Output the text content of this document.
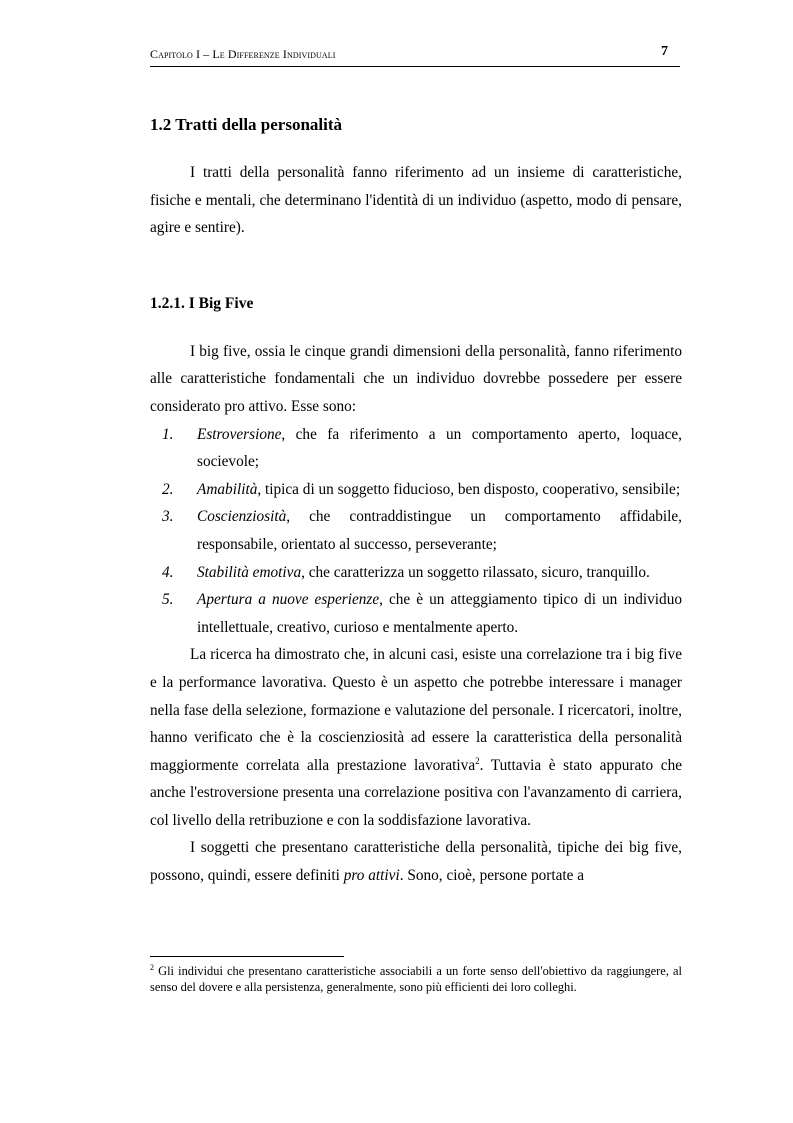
Capitolo I – Le Differenze Individuali	7
1.2 Tratti della personalità

I tratti della personalità fanno riferimento ad un insieme di caratteristiche, fisiche e mentali, che determinano l'identità di un individuo (aspetto, modo di pensare, agire e sentire).

1.2.1. I Big Five

I big five, ossia le cinque grandi dimensioni della personalità, fanno riferimento alle caratteristiche fondamentali che un individuo dovrebbe possedere per essere considerato pro attivo. Esse sono:

1. Estroversione, che fa riferimento a un comportamento aperto, loquace, socievole;
2. Amabilità, tipica di un soggetto fiducioso, ben disposto, cooperativo, sensibile;
3. Coscienziosità, che contraddistingue un comportamento affidabile, responsabile, orientato al successo, perseverante;
4. Stabilità emotiva, che caratterizza un soggetto rilassato, sicuro, tranquillo.
5. Apertura a nuove esperienze, che è un atteggiamento tipico di un individuo intellettuale, creativo, curioso e mentalmente aperto.

La ricerca ha dimostrato che, in alcuni casi, esiste una correlazione tra i big five e la performance lavorativa. Questo è un aspetto che potrebbe interessare i manager nella fase della selezione, formazione e valutazione del personale. I ricercatori, inoltre, hanno verificato che è la coscienziosità ad essere la caratteristica della personalità maggiormente correlata alla prestazione lavorativa$^2$. Tuttavia è stato appurato che anche l'estroversione presenta una correlazione positiva con l'avanzamento di carriera, col livello della retribuzione e con la soddisfazione lavorativa.

I soggetti che presentano caratteristiche della personalità, tipiche dei big five, possono, quindi, essere definiti pro attivi. Sono, cioè, persone portate a

$^2$ Gli individui che presentano caratteristiche associabili a un forte senso dell'obiettivo da raggiungere, al senso del dovere e alla persistenza, generalmente, sono più efficienti dei loro colleghi.
